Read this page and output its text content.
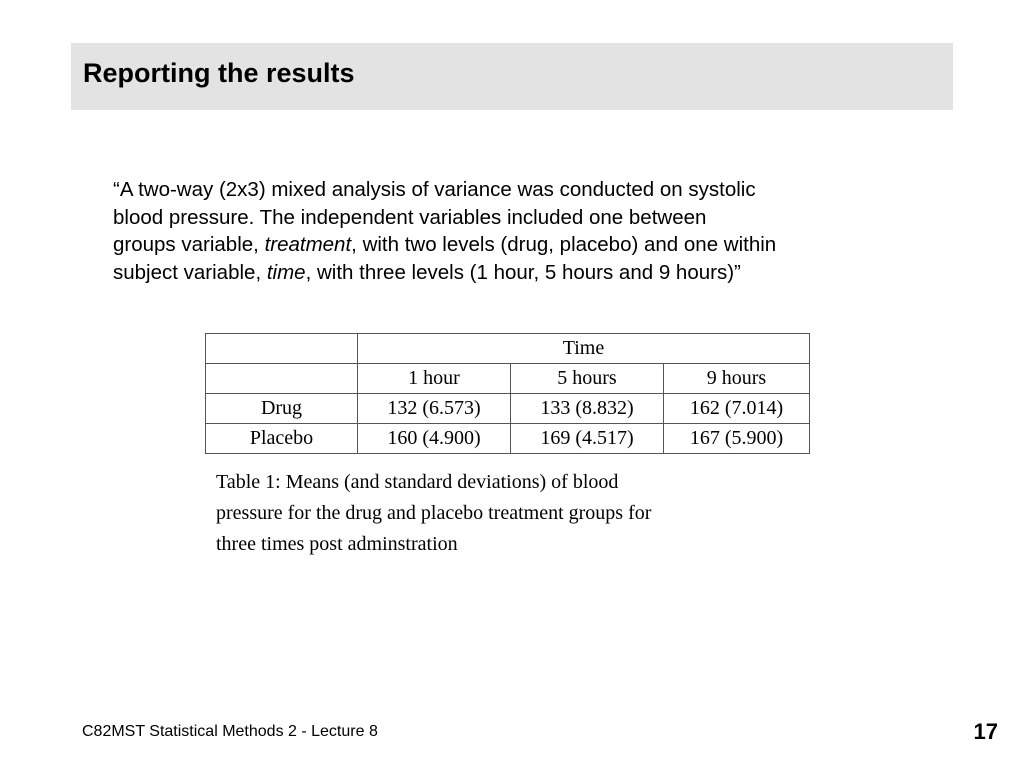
Reporting the results
“A two-way (2x3) mixed analysis of variance was conducted on systolic
blood pressure. The independent variables included one between
groups variable, treatment, with two levels (drug, placebo) and one within
subject variable, time, with three levels (1 hour, 5 hours and 9 hours)”
	Time		
	1 hour	5 hours	9 hours
Drug	132 (6.573)	133 (8.832)	162 (7.014)
Placebo	160 (4.900)	169 (4.517)	167 (5.900)
Table 1: Means (and standard deviations) of blood
pressure for the drug and placebo treatment groups for
three times post adminstration
C82MST Statistical Methods 2 - Lecture 8	17
